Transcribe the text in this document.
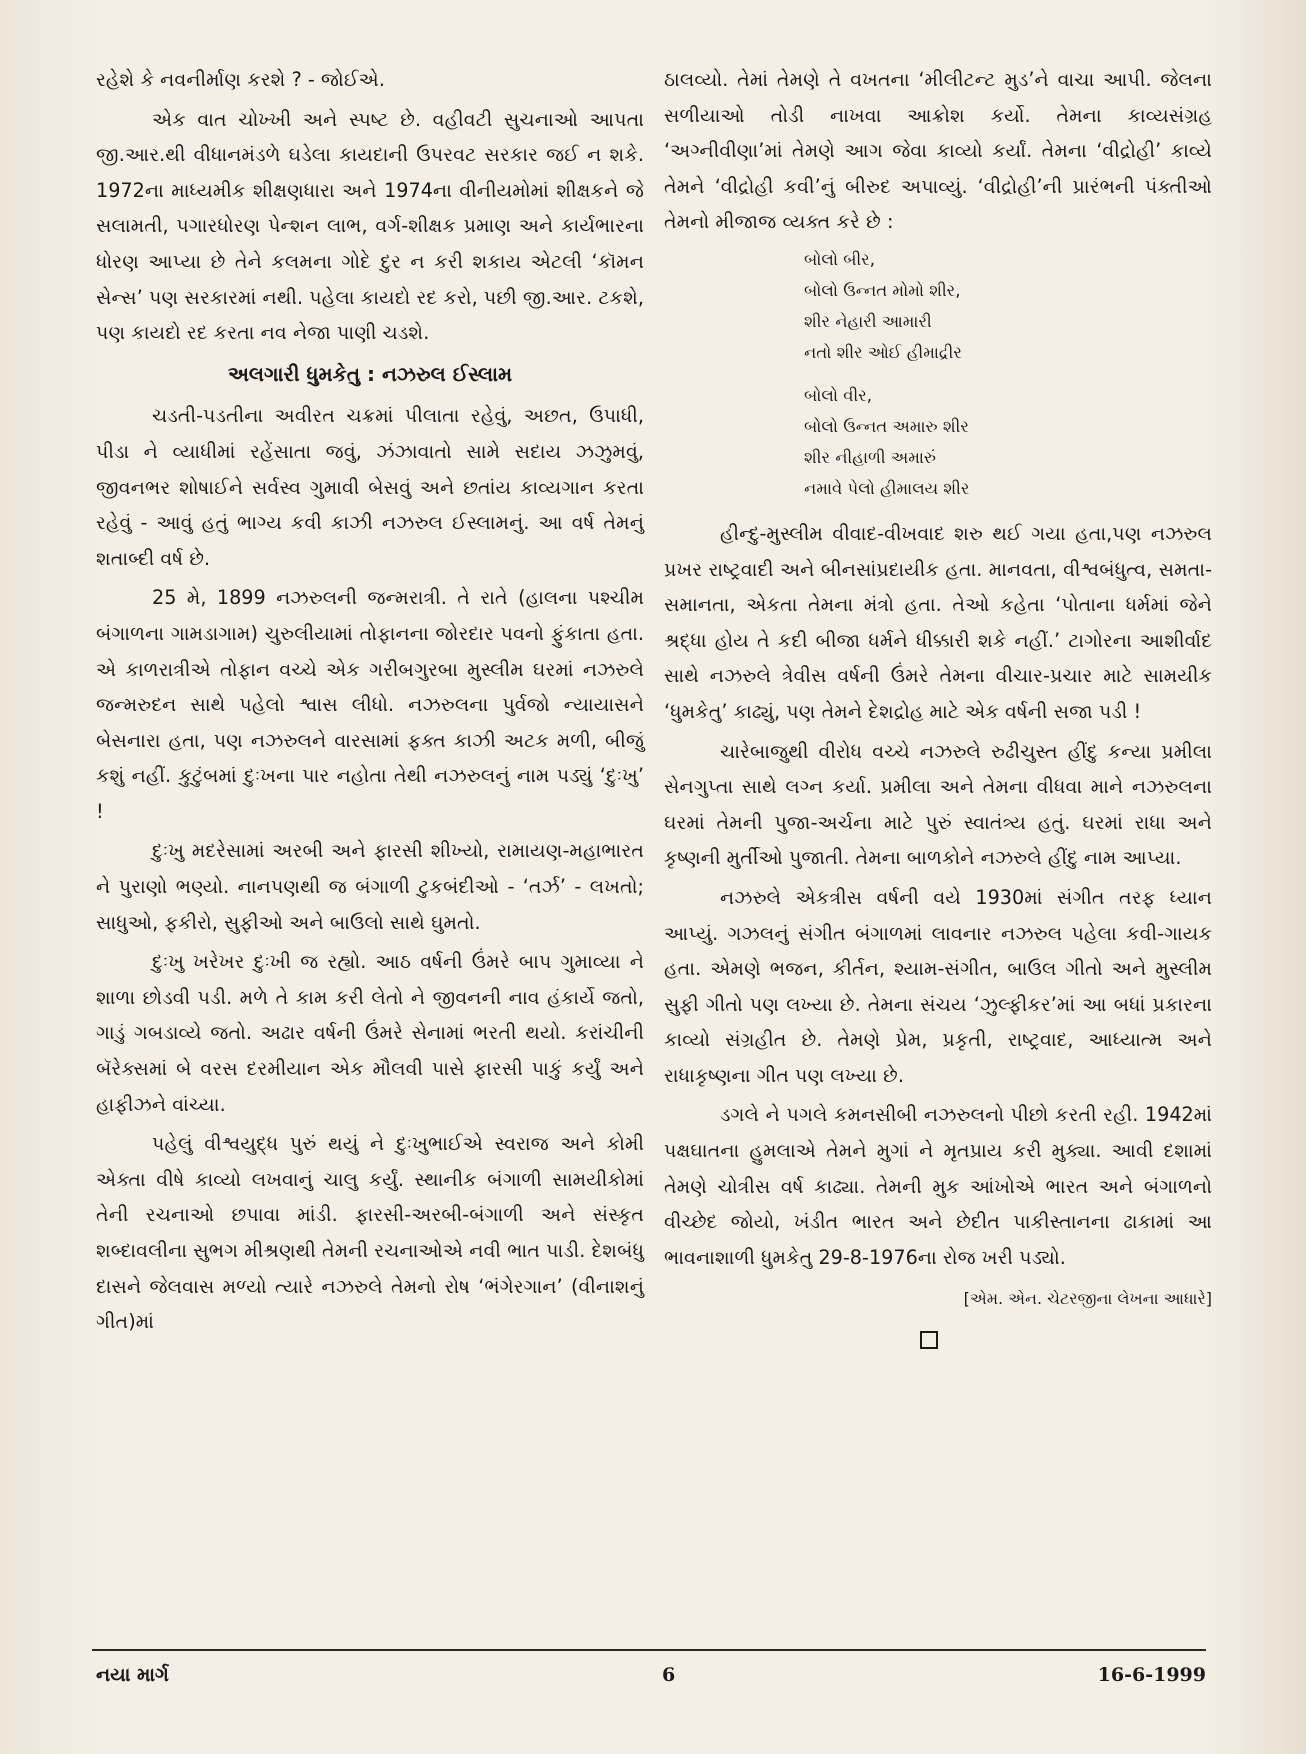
રહેશે કે નવનીર્માણ કરશે ? - જોઈએ.

એક વાત ચોખ્ખી અને સ્પષ્ટ છે. વહીવટી સુચનાઓ આપતા જી.આર.થી વીધાનમંડળે ઘડેલા કાયદાની ઉપરવટ સરકાર જઈ ન શકે. 1972ના માધ્યમીક શીક્ષણધારા અને 1974ના વીનીયમોમાં શીક્ષકને જે સલામતી, પગારધોરણ પેન્શન લાભ, વર્ગ-શીક્ષક પ્રમાણ અને કાર્યભારના ધોરણ આપ્યા છે તેને કલમના ગોદે દુર ન કરી શકાય એટલી ‘કૉમન સેન્સ’ પણ સરકારમાં નથી. પહેલા કાયદો રદ કરો, પછી જી.આર. ટકશે, પણ કાયદો રદ કરતા નવ નેજા પાણી ચડશે.

અલગારી ધુમકેતુ : નઝરુલ ઈસ્લામ

ચડતી-પડતીના અવીરત ચક્રમાં પીલાતા રહેવું, અછત, ઉપાધી, પીડા ને વ્યાધીમાં રહેંસાતા જવું, ઝંઝાવાતો સામે સદાય ઝઝુમવું, જીવનભર શોષાઈને સર્વસ્વ ગુમાવી બેસવું અને છતાંય કાવ્યગાન કરતા રહેવું - આવું હતું ભાગ્ય કવી કાઝી નઝરુલ ઈસ્લામનું. આ વર્ષ તેમનું શતાબ્દી વર્ષ છે.

25 મે, 1899 નઝરુલની જન્મરાત્રી. તે રાતે (હાલના પશ્ચીમ બંગાળના ગામડાગામ) ચુરુલીયામાં તોફાનના જોરદાર પવનો ફુંકાતા હતા. એ કાળરાત્રીએ તોફાન વચ્ચે એક ગરીબગુરબા મુસ્લીમ ઘરમાં નઝરુલે જન્મરુદન સાથે પહેલો શ્વાસ લીધો. નઝરુલના પુર્વજો ન્યાયાસને બેસનારા હતા, પણ નઝરુલને વારસામાં ફક્ત કાઝી અટક મળી, બીજું કશું નહીં. કુટુંબમાં દુઃખના પાર નહોતા તેથી નઝરુલનું નામ પડ્યું ‘દુઃખુ’ !

દુઃખુ મદરેસામાં અરબી અને ફારસી શીખ્યો, રામાયણ-મહાભારત ને પુરાણો ભણ્યો. નાનપણથી જ બંગાળી ટુકબંદીઓ - ‘તર્ઝ’ - લખતો; સાધુઓ, ફકીરો, સુફીઓ અને બાઉલો સાથે ઘુમતો.

દુઃખુ ખરેખર દુઃખી જ રહ્યો. આઠ વર્ષની ઉંમરે બાપ ગુમાવ્યા ને શાળા છોડવી પડી. મળે તે કામ કરી લેતો ને જીવનની નાવ હંકાર્યે જતો, ગાડું ગબડાવ્યે જતો. અઢાર વર્ષની ઉંમરે સેનામાં ભરતી થયો. કરાંચીની બૅરેક્સમાં બે વરસ દરમીયાન એક મૌલવી પાસે ફારસી પાકું કર્યું અને હાફીઝને વાંચ્યા.

પહેલું વીશ્વયુદ્ધ પુરું થયું ને દુઃખુભાઈએ સ્વરાજ અને કોમી એક્તા વીષે કાવ્યો લખવાનું ચાલુ કર્યું. સ્થાનીક બંગાળી સામયીકોમાં તેની રચનાઓ છપાવા માંડી. ફારસી-અરબી-બંગાળી અને સંસ્કૃત શબ્દાવલીના સુભગ મીશ્રણથી તેમની રચનાઓએ નવી ભાત પાડી. દેશબંધુ દાસને જેલવાસ મળ્યો ત્યારે નઝરુલે તેમનો રોષ ‘ભંગેરગાન’ (વીનાશનું ગીત)માં

ઠાલવ્યો. તેમાં તેમણે તે વખતના ‘મીલીટન્ટ મુડ’ને વાચા આપી. જેલના સળીયાઓ તોડી નાખવા આક્રોશ કર્યો. તેમના કાવ્યસંગ્રહ ‘અગ્નીવીણા’માં તેમણે આગ જેવા કાવ્યો કર્યાં. તેમના ‘વીદ્રોહી’ કાવ્યે તેમને ‘વીદ્રોહી કવી’નું બીરુદ અપાવ્યું. ‘વીદ્રોહી’ની પ્રારંભની પંક્તીઓ તેમનો મીજાજ વ્યક્ત કરે છે :

બોલો બીર,
બોલો ઉન્નત મોમો શીર,
શીર નેહારી આમારી
નતો શીર ઓઈ હીમાદ્રીર
બોલો વીર,
બોલો ઉન્નત અમારુ શીર
શીર નીહાળી અમારું
નમાવે પેલો હીમાલય શીર

હીન્દુ-મુસ્લીમ વીવાદ-વીખવાદ શરુ થઈ ગયા હતા,પણ નઝરુલ પ્રખર રાષ્ટ્રવાદી અને બીનસાંપ્રદાયીક હતા. માનવતા, વીશ્વબંધુત્વ, સમતા-સમાનતા, એકતા તેમના મંત્રો હતા. તેઓ કહેતા ‘પોતાના ધર્મમાં જેને શ્રદ્ધા હોય તે કદી બીજા ધર્મને ધીક્કારી શકે નહીં.’ ટાગોરના આશીર્વાદ સાથે નઝરુલે ત્રેવીસ વર્ષની ઉંમરે તેમના વીચાર-પ્રચાર માટે સામયીક ‘ધુમકેતુ’ કાઢ્યું, પણ તેમને દેશદ્રોહ માટે એક વર્ષની સજા પડી !

ચારેબાજુથી વીરોધ વચ્ચે નઝરુલે રુઢીચુસ્ત હીંદુ કન્યા પ્રમીલા સેનગુપ્તા સાથે લગ્ન કર્યા. પ્રમીલા અને તેમના વીધવા માને નઝરુલના ઘરમાં તેમની પુજા-અર્ચના માટે પુરું સ્વાતંત્ર્ય હતું. ઘરમાં રાધા અને કૃષ્ણની મુર્તીઓ પુજાતી. તેમના બાળકોને નઝરુલે હીંદુ નામ આપ્યા.

નઝરુલે એકત્રીસ વર્ષની વયે 1930માં સંગીત તરફ ધ્યાન આપ્યું. ગઝલનું સંગીત બંગાળમાં લાવનાર નઝરુલ પહેલા કવી-ગાયક હતા. એમણે ભજન, કીર્તન, શ્યામ-સંગીત, બાઉલ ગીતો અને મુસ્લીમ સુફી ગીતો પણ લખ્યા છે. તેમના સંચય ‘ઝુલ્ફીકર’માં આ બધાં પ્રકારના કાવ્યો સંગ્રહીત છે. તેમણે પ્રેમ, પ્રકૃતી, રાષ્ટ્રવાદ, આધ્યાત્મ અને રાધાકૃષ્ણના ગીત પણ લખ્યા છે.

ડગલે ને પગલે કમનસીબી નઝરુલનો પીછો કરતી રહી. 1942માં પક્ષઘાતના હુમલાએ તેમને મુગાં ને મૃતપ્રાય કરી મુક્યા. આવી દશામાં તેમણે ચોત્રીસ વર્ષ કાઢ્યા. તેમની મુક આંખોએ ભારત અને બંગાળનો વીચ્છેદ જોયો, ખંડીત ભારત અને છેદીત પાકીસ્તાનના ઢાકામાં આ ભાવનાશાળી ધુમકેતુ 29-8-1976ના રોજ ખરી પડ્યો.

[એમ. એન. ચેટરજીના લેખના આધારે]
નયા માર્ગ	6	16-6-1999
